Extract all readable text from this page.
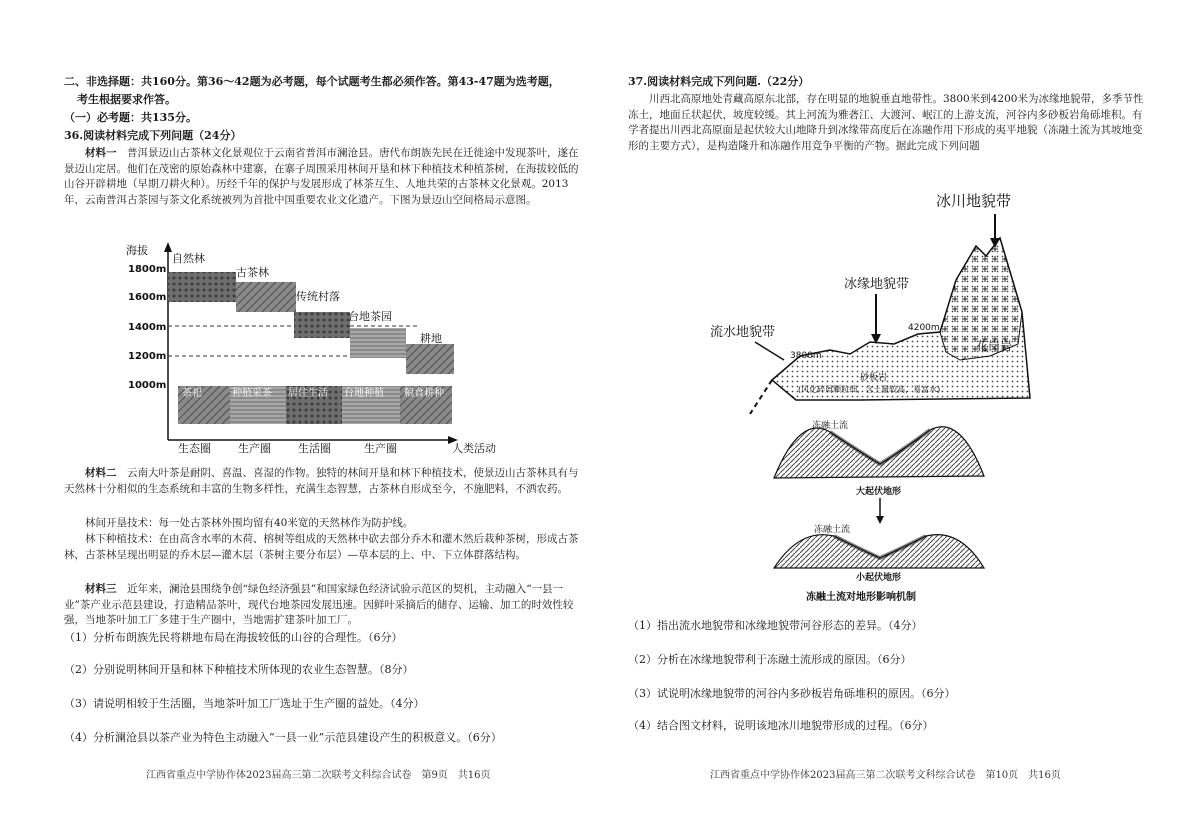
二、非选择题：共160分。第36～42题为必考题，每个试题考生都必须作答。第43-47题为选考题，

考生根据要求作答。

（一）必考题：共135分。

36.阅读材料完成下列问题（24分）

材料一　 普洱景迈山古茶林文化景观位于云南省普洱市澜沧县。唐代布朗族先民在迁徙途中发现茶叶，遂在景迈山定居。他们在茂密的原始森林中建寨，在寨子周围采用林间开垦和林下种植技术种植茶树，在海拔较低的山谷开辟耕地（早期刀耕火种）。历经千年的保护与发展形成了林茶互生、人地共荣的古茶林文化景观。2013年，云南普洱古茶园与茶文化系统被列为首批中国重要农业文化遗产。下图为景迈山空间格局示意图。

海拔
1800m
1600m
1400m
1200m
1000m
自然林
古茶林
传统村落
台地茶园
耕地
茶祀	种植采茶 居住生活 台地种植 粮食耕种
生态圈 生产圈 生活圈	生产圈	人类活动

材料二　 云南大叶茶是耐阴、喜温、喜湿的作物。独特的林间开垦和林下种植技术，使景迈山古茶林具有与天然林十分相似的生态系统和丰富的生物多样性，充满生态智慧，古茶林自形成至今，不施肥料，不洒农药。

林间开垦技术：每一处古茶林外围均留有40米宽的天然林作为防护线。

林下种植技术：在由高含水率的木荷、榕树等组成的天然林中砍去部分乔木和灌木然后栽种茶树，形成古茶林，古茶林呈现出明显的乔木层—灌木层（茶树主要分布层）—草本层的上、中、下立体群落结构。

材料三　 近年来，澜沧县围绕争创“绿色经济强县”和国家绿色经济试验示范区的契机，主动融入“一县一业”茶产业示范县建设，打造精品茶叶，现代台地茶园发展迅速。因鲜叶采摘后的储存、运输、加工的时效性较强，当地茶叶加工厂多建于生产圈中，当地需扩建茶叶加工厂。

（1）分析布朗族先民将耕地布局在海拔较低的山谷的合理性。（6分）

（2）分别说明林间开垦和林下种植技术所体现的农业生态智慧。（8分）

（3）请说明相较于生活圈，当地茶叶加工厂选址于生产圈的益处。（4分）

（4）分析澜沧县以茶产业为特色主动融入“一县一业”示范县建设产生的积极意义。（6分）

江西省重点中学协作体2023届高三第二次联考文科综合试卷　第9页　共16页

37.阅读材料完成下列问题.（22分）

川西北高原地处青藏高原东北部，存在明显的地貌垂直地带性。3800米到4200米为冰缘地貌带，多季节性冻土，地面丘状起伏，坡度较缓。其上河流为雅砻江、大渡河、岷江的上游支流，河谷内多砂板岩角砾堆积。有学者提出川西北高原面是起伏较大山地降升到冰缘带高度后在冻融作用下形成的夷平地貌（冻融土流为其坡地变形的主要方式），是构造隆升和冻融作用竞争平衡的产物。据此完成下列问题

冰川地貌带
冰缘地貌带
流水地貌带	4200m
3800m
花岗岩
砂板岩
(风化碎屑颗粒细，含土量较高，易富水)
冻融土流
大起伏地形
冻融土流
小起伏地形
冻融土流对地形影响机制

（1）指出流水地貌带和冰缘地貌带河谷形态的差异。（4分）

（2）分析在冰缘地貌带利于冻融土流形成的原因。（6分）

（3）试说明冰缘地貌带的河谷内多砂板岩角砾堆积的原因。（6分）

（4）结合图文材料，说明该地冰川地貌带形成的过程。（6分）

江西省重点中学协作体2023届高三第二次联考文科综合试卷　第10页　共16页
